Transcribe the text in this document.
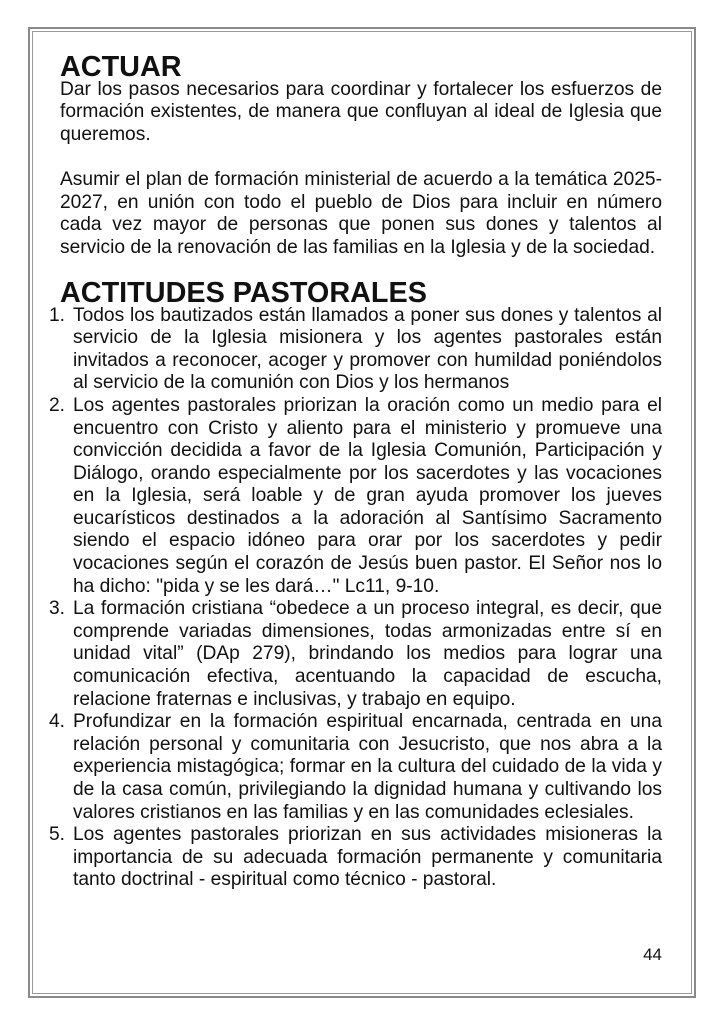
ACTUAR

Dar los pasos necesarios para coordinar y fortalecer los esfuerzos de formación existentes, de manera que confluyan al ideal de Iglesia que queremos.

Asumir el plan de formación ministerial de acuerdo a la temática 2025- 2027, en unión con todo el pueblo de Dios para incluir en número cada vez mayor de personas que ponen sus dones y talentos al servicio de la renovación de las familias en la Iglesia y de la sociedad.

ACTITUDES PASTORALES
1. Todos los bautizados están llamados a poner sus dones y talentos al servicio de la Iglesia misionera y los agentes pastorales están invitados a reconocer, acoger y promover con humildad poniéndolos al servicio de la comunión con Dios y los hermanos
2. Los agentes pastorales priorizan la oración como un medio para el encuentro con Cristo y aliento para el ministerio y promueve una convicción decidida a favor de la Iglesia Comunión, Participación y Diálogo, orando especialmente por los sacerdotes y las vocaciones en la Iglesia, será loable y de gran ayuda promover los jueves eucarísticos destinados a la adoración al Santísimo Sacramento siendo el espacio idóneo para orar por los sacerdotes y pedir vocaciones según el corazón de Jesús buen pastor. El Señor nos lo ha dicho: "pida y se les dará…" Lc11, 9-10.
3. La formación cristiana “obedece a un proceso integral, es decir, que comprende variadas dimensiones, todas armonizadas entre sí en unidad vital” (DAp 279), brindando los medios para lograr una comunicación efectiva, acentuando la capacidad de escucha, relacione fraternas e inclusivas, y trabajo en equipo.
4. Profundizar en la formación espiritual encarnada, centrada en una relación personal y comunitaria con Jesucristo, que nos abra a la experiencia mistagógica; formar en la cultura del cuidado de la vida y de la casa común, privilegiando la dignidad humana y cultivando los valores cristianos en las familias y en las comunidades eclesiales.
5. Los agentes pastorales priorizan en sus actividades misioneras la importancia de su adecuada formación permanente y comunitaria tanto doctrinal - espiritual como técnico - pastoral.
44
